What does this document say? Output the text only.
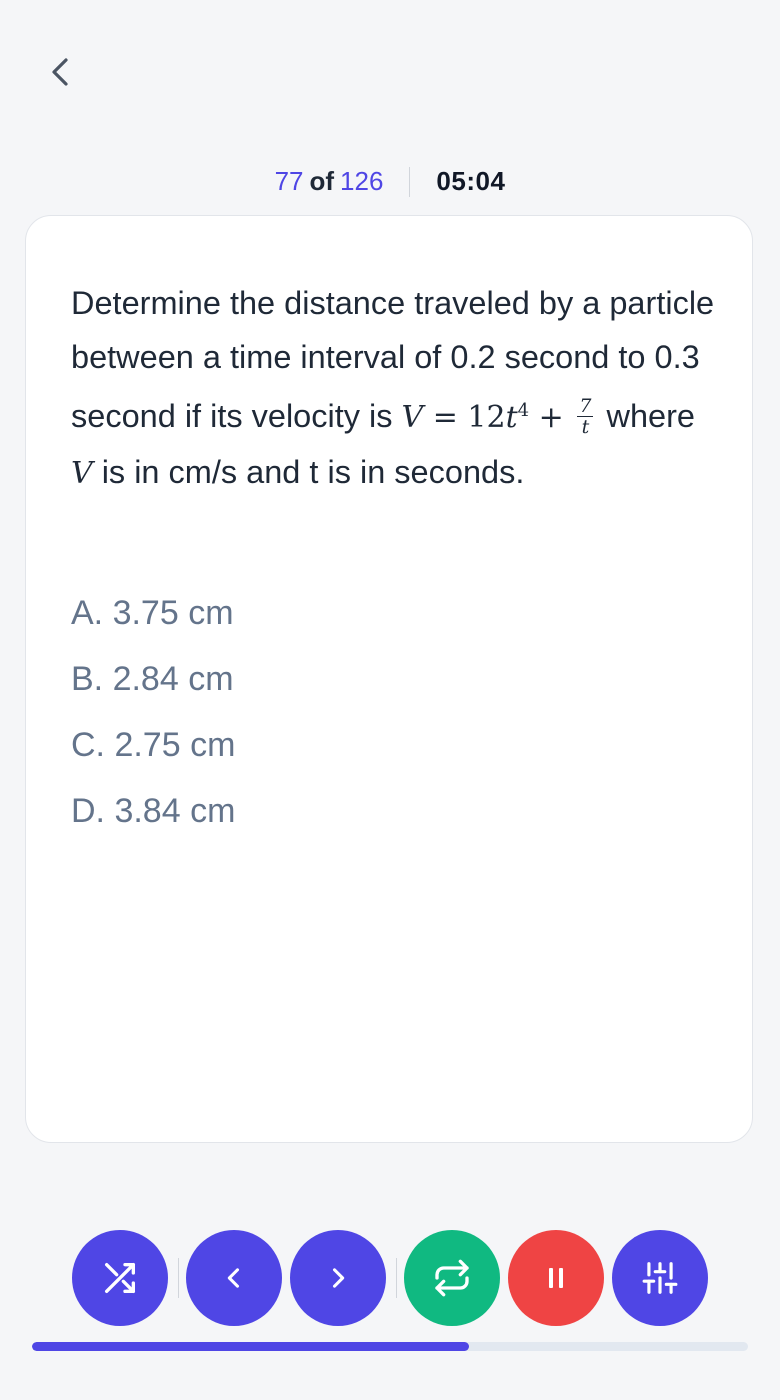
77 of 126 05:04
Determine the distance traveled by a particle between a time interval of 0.2 second to 0.3 second if its velocity is $V = 12t^4 + \frac{7}{t}$ where V is in cm/s and t is in seconds.
A. 3.75 cm
B. 2.84 cm
C. 2.75 cm
D. 3.84 cm
